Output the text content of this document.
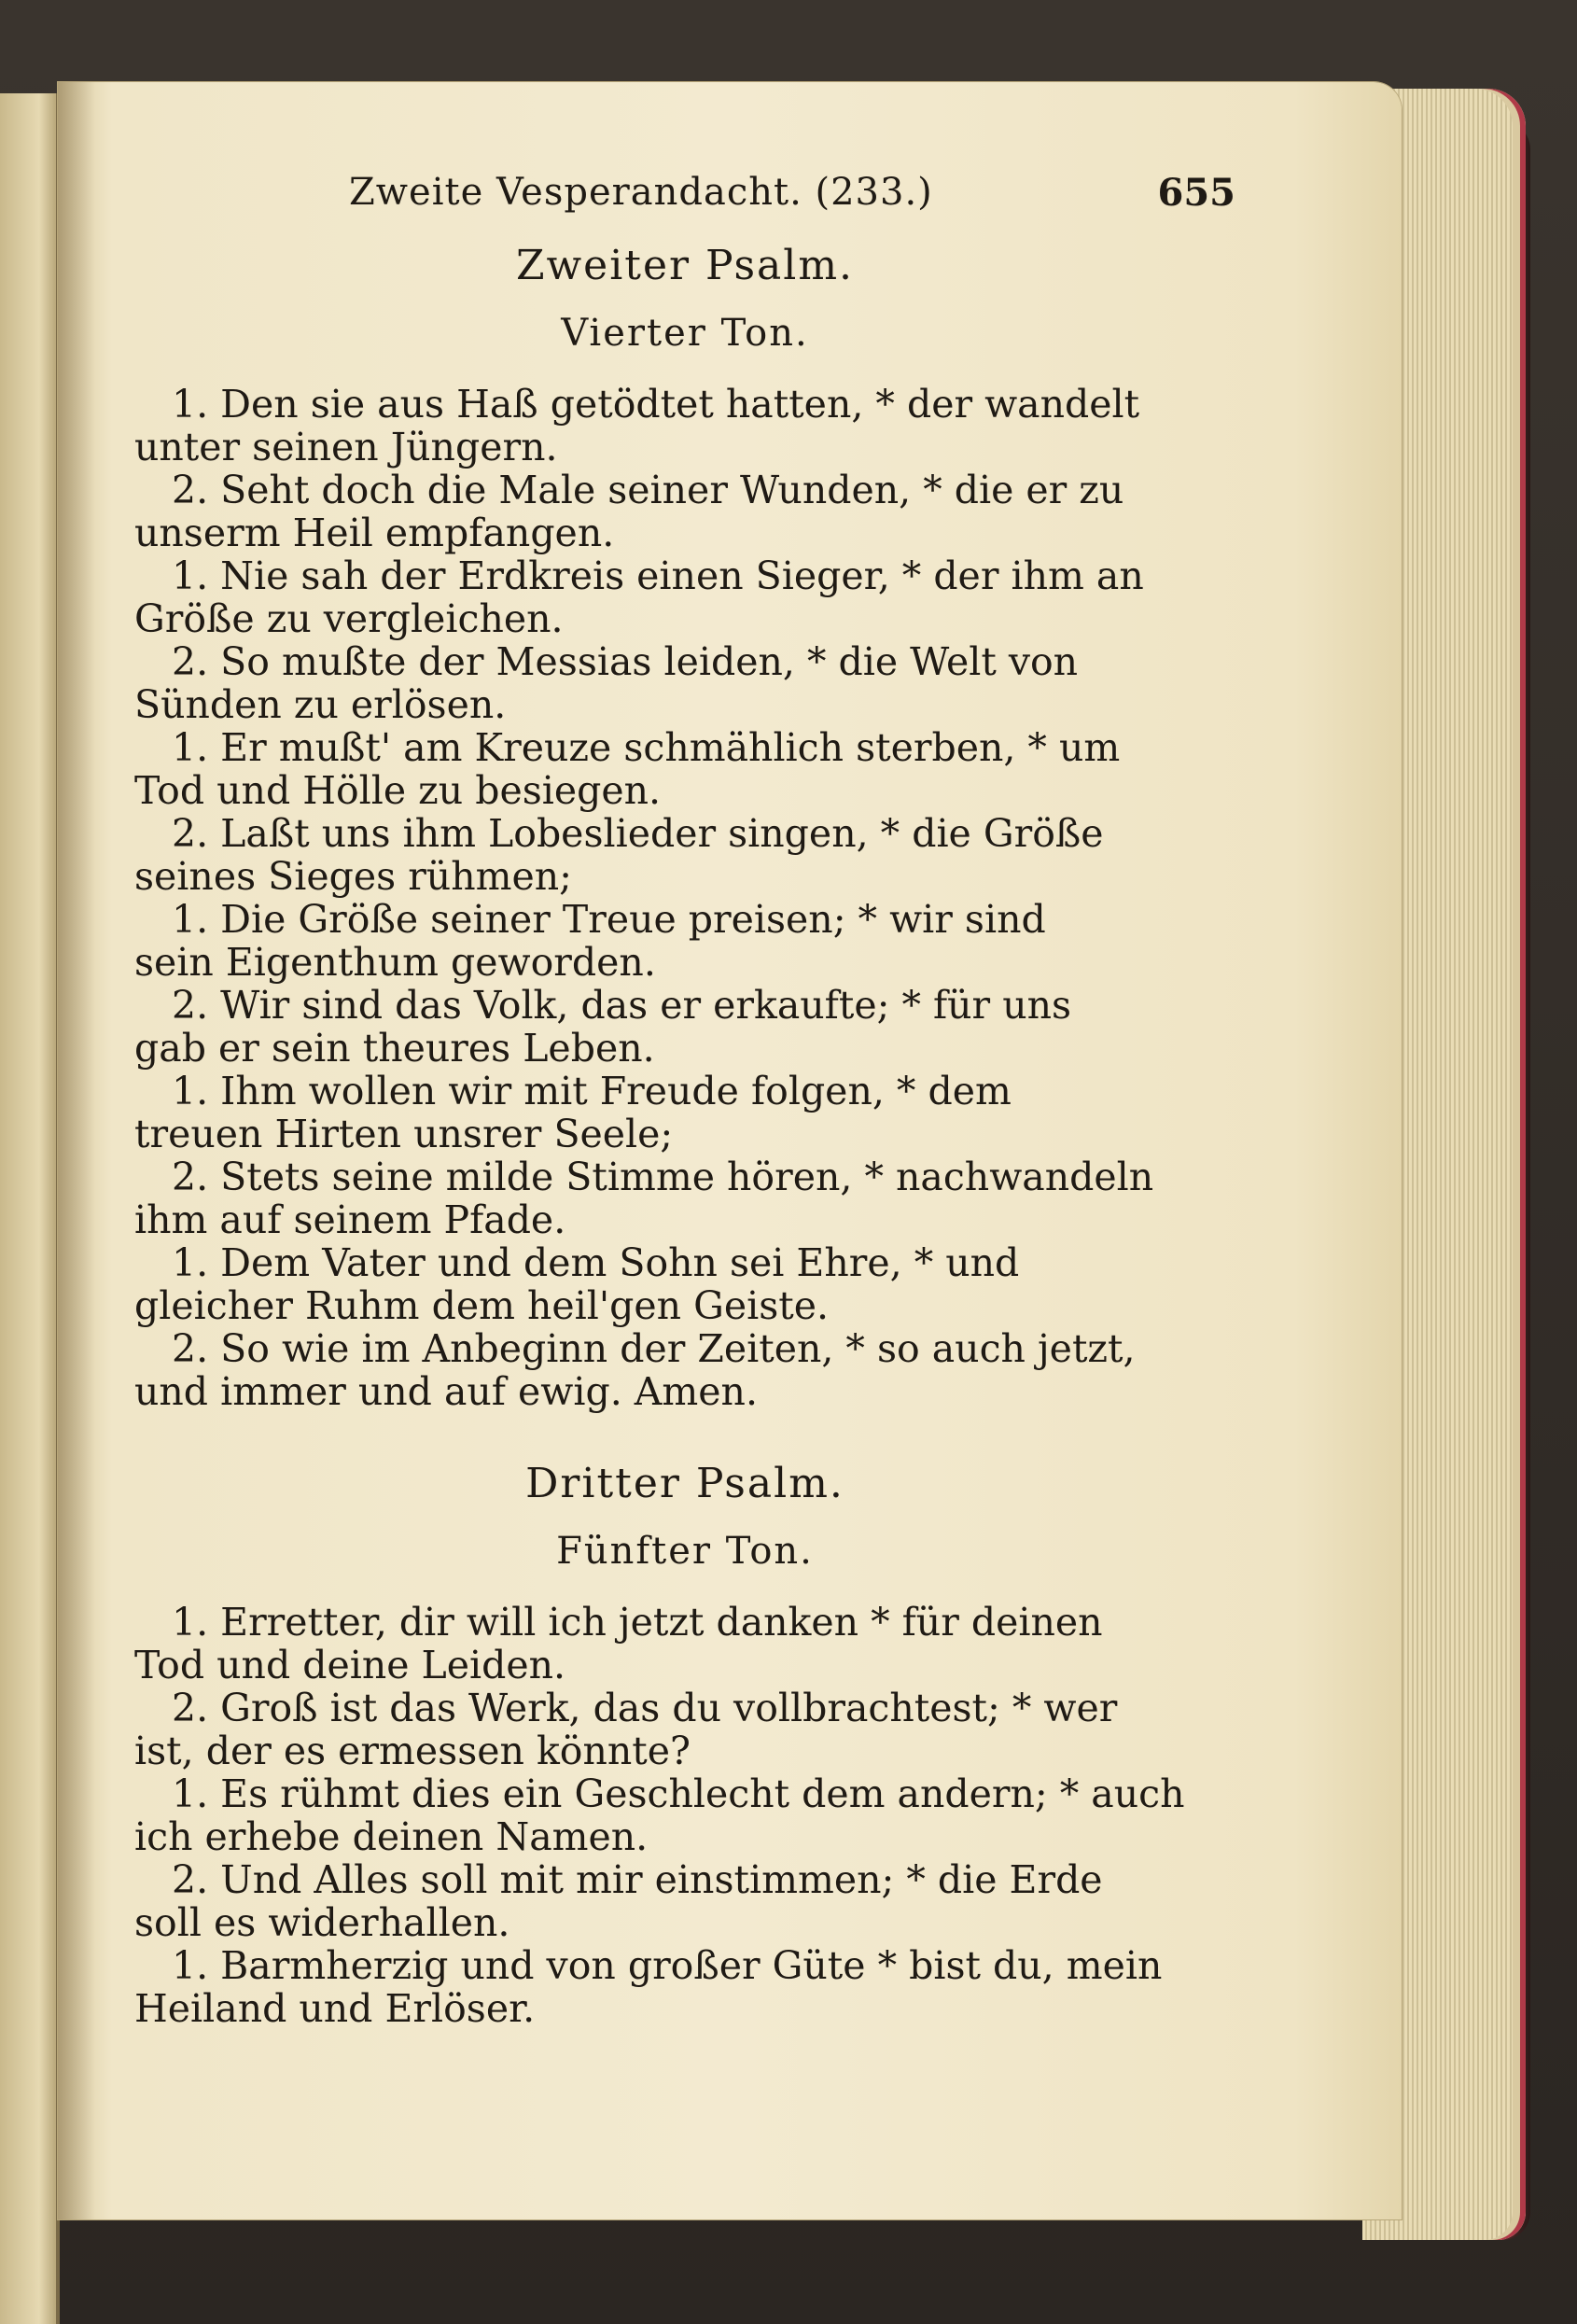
Zweite Vesperandacht. (233.)	655
Zweiter Psalm.
Vierter Ton.

1. Den sie aus Haß getödtet hatten, * der wandelt
unter seinen Jüngern.

2. Seht doch die Male seiner Wunden, * die er zu
unserm Heil empfangen.

1. Nie sah der Erdkreis einen Sieger, * der ihm an
Größe zu vergleichen.

2. So mußte der Messias leiden, * die Welt von
Sünden zu erlösen.

1. Er mußt' am Kreuze schmählich sterben, * um
Tod und Hölle zu besiegen.

2. Laßt uns ihm Lobeslieder singen, * die Größe
seines Sieges rühmen;

1. Die Größe seiner Treue preisen; * wir sind
sein Eigenthum geworden.

2. Wir sind das Volk, das er erkaufte; * für uns
gab er sein theures Leben.

1. Ihm wollen wir mit Freude folgen, * dem
treuen Hirten unsrer Seele;

2. Stets seine milde Stimme hören, * nachwandeln
ihm auf seinem Pfade.

1. Dem Vater und dem Sohn sei Ehre, * und
gleicher Ruhm dem heil'gen Geiste.

2. So wie im Anbeginn der Zeiten, * so auch jetzt,
und immer und auf ewig. Amen.

Dritter Psalm.
Fünfter Ton.

1. Erretter, dir will ich jetzt danken * für deinen
Tod und deine Leiden.

2. Groß ist das Werk, das du vollbrachtest; * wer
ist, der es ermessen könnte?

1. Es rühmt dies ein Geschlecht dem andern; * auch
ich erhebe deinen Namen.

2. Und Alles soll mit mir einstimmen; * die Erde
soll es widerhallen.

1. Barmherzig und von großer Güte * bist du, mein
Heiland und Erlöser.
